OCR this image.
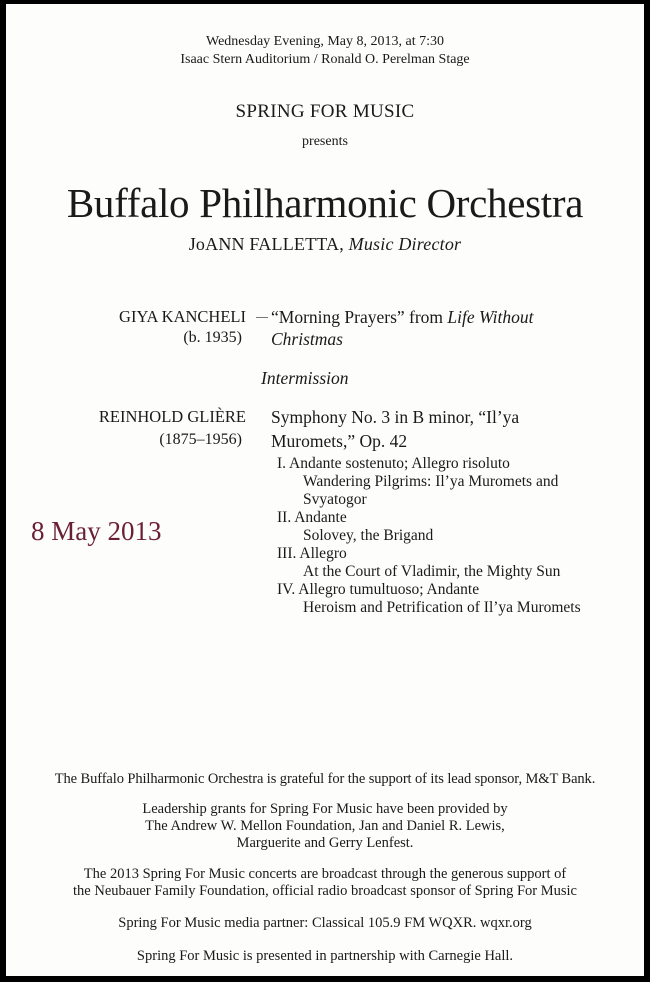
Wednesday Evening, May 8, 2013, at 7:30
Isaac Stern Auditorium / Ronald O. Perelman Stage
SPRING FOR MUSIC
presents
Buffalo Philharmonic Orchestra
JoANN FALLETTA, Music Director
GIYA KANCHELI
(b. 1935)
“Morning Prayers” from Life Without
Christmas
Intermission
REINHOLD GLIÈRE
(1875–1956)
Symphony No. 3 in B minor, “Il’ya
Muromets,” Op. 42
I. Andante sostenuto; Allegro risoluto
Wandering Pilgrims: Il’ya Muromets and
Svyatogor
II. Andante
Solovey, the Brigand
III. Allegro
At the Court of Vladimir, the Mighty Sun
IV. Allegro tumultuoso; Andante
Heroism and Petrification of Il’ya Muromets
8 May 2013
The Buffalo Philharmonic Orchestra is grateful for the support of its lead sponsor, M&T Bank.
Leadership grants for Spring For Music have been provided by
The Andrew W. Mellon Foundation, Jan and Daniel R. Lewis,
Marguerite and Gerry Lenfest.
The 2013 Spring For Music concerts are broadcast through the generous support of
the Neubauer Family Foundation, official radio broadcast sponsor of Spring For Music
Spring For Music media partner: Classical 105.9 FM WQXR. wqxr.org
Spring For Music is presented in partnership with Carnegie Hall.
